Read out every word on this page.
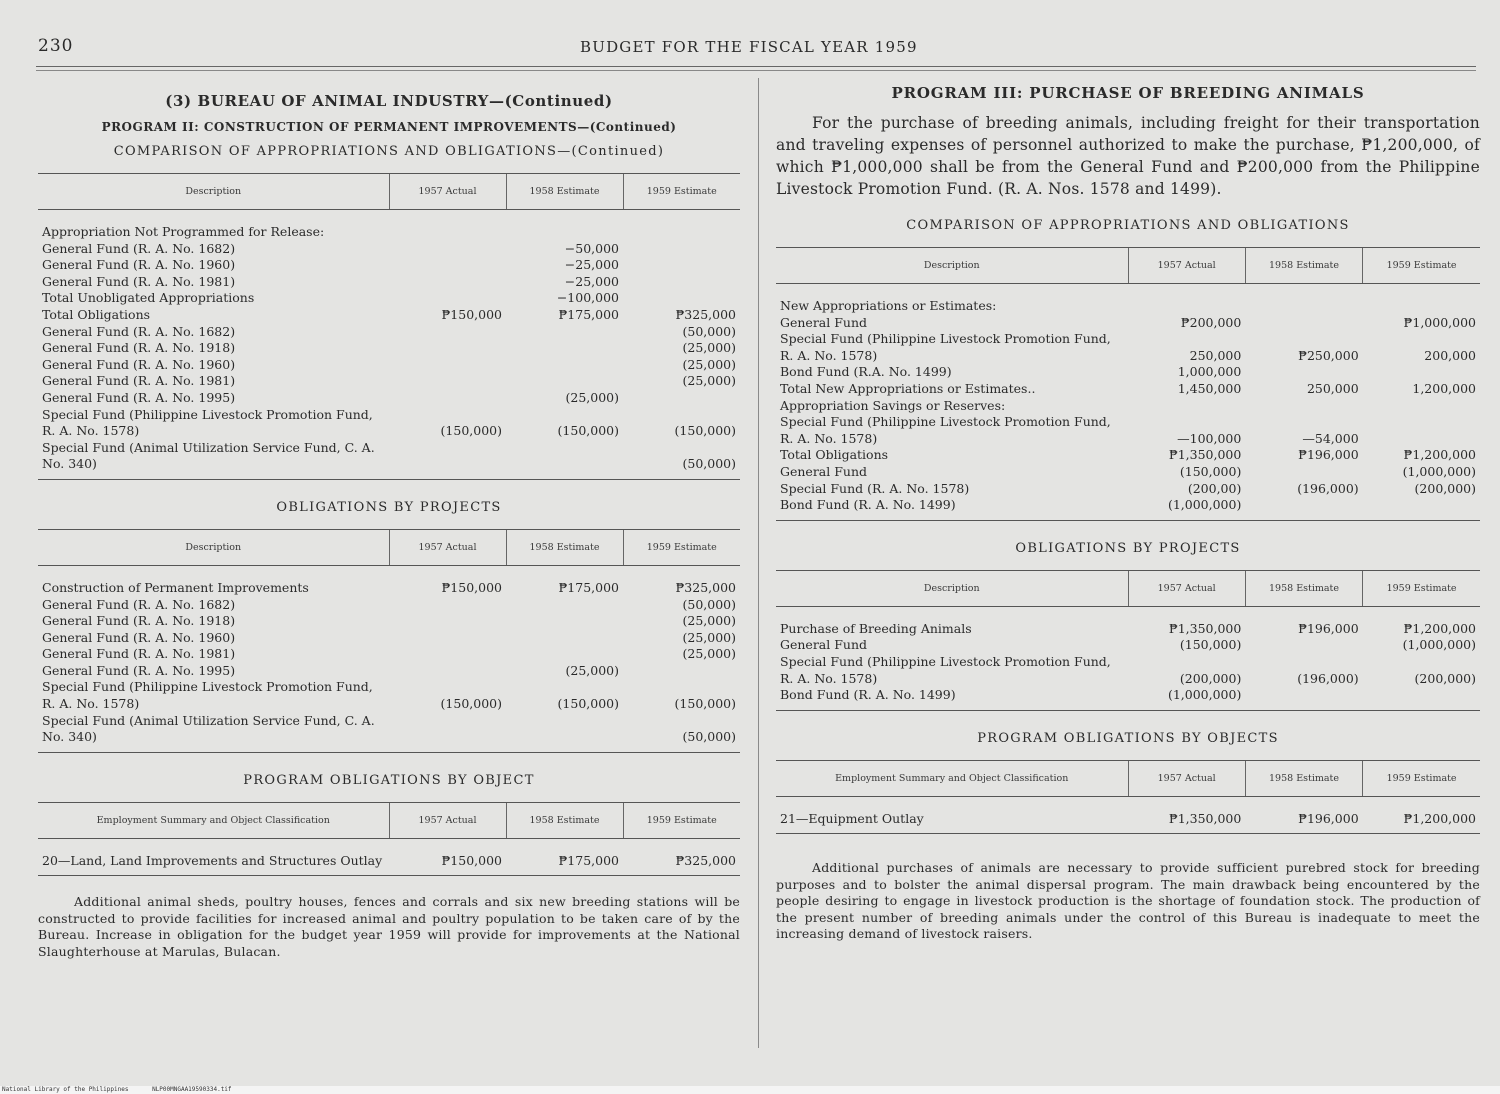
230	BUDGET FOR THE FISCAL YEAR 1959
(3) BUREAU OF ANIMAL INDUSTRY—(Continued)
PROGRAM II: CONSTRUCTION OF PERMANENT IMPROVEMENTS—(Continued)
COMPARISON OF APPROPRIATIONS AND OBLIGATIONS—(Continued)
Description	1957 Actual	1958 Estimate	1959 Estimate
Appropriation Not Programmed for Release:			
General Fund (R. A. No. 1682)		−50,000	
General Fund (R. A. No. 1960)		−25,000	
General Fund (R. A. No. 1981)		−25,000	
Total Unobligated Appropriations		−100,000	
Total Obligations	₱150,000	₱175,000	₱325,000
General Fund (R. A. No. 1682)			(50,000)
General Fund (R. A. No. 1918)			(25,000)
General Fund (R. A. No. 1960)			(25,000)
General Fund (R. A. No. 1981)			(25,000)
General Fund (R. A. No. 1995)		(25,000)	
Special Fund (Philippine Livestock Promotion Fund, R. A. No. 1578)	(150,000)	(150,000)	(150,000)
Special Fund (Animal Utilization Service Fund, C. A. No. 340)			(50,000)
OBLIGATIONS BY PROJECTS
Description	1957 Actual	1958 Estimate	1959 Estimate
Construction of Permanent Improvements	₱150,000	₱175,000	₱325,000
General Fund (R. A. No. 1682)			(50,000)
General Fund (R. A. No. 1918)			(25,000)
General Fund (R. A. No. 1960)			(25,000)
General Fund (R. A. No. 1981)			(25,000)
General Fund (R. A. No. 1995)		(25,000)	
Special Fund (Philippine Livestock Promotion Fund, R. A. No. 1578)	(150,000)	(150,000)	(150,000)
Special Fund (Animal Utilization Service Fund, C. A. No. 340)			(50,000)
PROGRAM OBLIGATIONS BY OBJECT
Employment Summary and Object Classification	1957 Actual	1958 Estimate	1959 Estimate
20—Land, Land Improvements and Structures Outlay	₱150,000	₱175,000	₱325,000
Additional animal sheds, poultry houses, fences and corrals and six new breeding stations will be constructed to provide facilities for increased animal and poultry population to be taken care of by the Bureau. Increase in obligation for the budget year 1959 will provide for improvements at the National Slaughterhouse at Marulas, Bulacan.
PROGRAM III: PURCHASE OF BREEDING ANIMALS
For the purchase of breeding animals, including freight for their transportation and traveling expenses of personnel authorized to make the purchase, ₱1,200,000, of which ₱1,000,000 shall be from the General Fund and ₱200,000 from the Philippine Livestock Promotion Fund. (R. A. Nos. 1578 and 1499).
COMPARISON OF APPROPRIATIONS AND OBLIGATIONS
Description	1957 Actual	1958 Estimate	1959 Estimate
New Appropriations or Estimates:			
General Fund	₱200,000		₱1,000,000
Special Fund (Philippine Livestock Promotion Fund, R. A. No. 1578)	250,000	₱250,000	200,000
Bond Fund (R.A. No. 1499)	1,000,000		
Total New Appropriations or Estimates..	1,450,000	250,000	1,200,000
Appropriation Savings or Reserves:			
Special Fund (Philippine Livestock Promotion Fund, R. A. No. 1578)	—100,000	—54,000	
Total Obligations	₱1,350,000	₱196,000	₱1,200,000
General Fund	(150,000)		(1,000,000)
Special Fund (R. A. No. 1578)	(200,00)	(196,000)	(200,000)
Bond Fund (R. A. No. 1499)	(1,000,000)		
OBLIGATIONS BY PROJECTS
Description	1957 Actual	1958 Estimate	1959 Estimate
Purchase of Breeding Animals	₱1,350,000	₱196,000	₱1,200,000
General Fund	(150,000)		(1,000,000)
Special Fund (Philippine Livestock Promotion Fund, R. A. No. 1578)	(200,000)	(196,000)	(200,000)
Bond Fund (R. A. No. 1499)	(1,000,000)		
PROGRAM OBLIGATIONS BY OBJECTS
Employment Summary and Object Classification	1957 Actual	1958 Estimate	1959 Estimate
21—Equipment Outlay	₱1,350,000	₱196,000	₱1,200,000
Additional purchases of animals are necessary to provide sufficient purebred stock for breeding purposes and to bolster the animal dispersal program. The main drawback being encountered by the people desiring to engage in livestock production is the shortage of foundation stock. The production of the present number of breeding animals under the control of this Bureau is inadequate to meet the increasing demand of livestock raisers.
National Library of the Philippines	NLP00MNGAA19590334.tif
